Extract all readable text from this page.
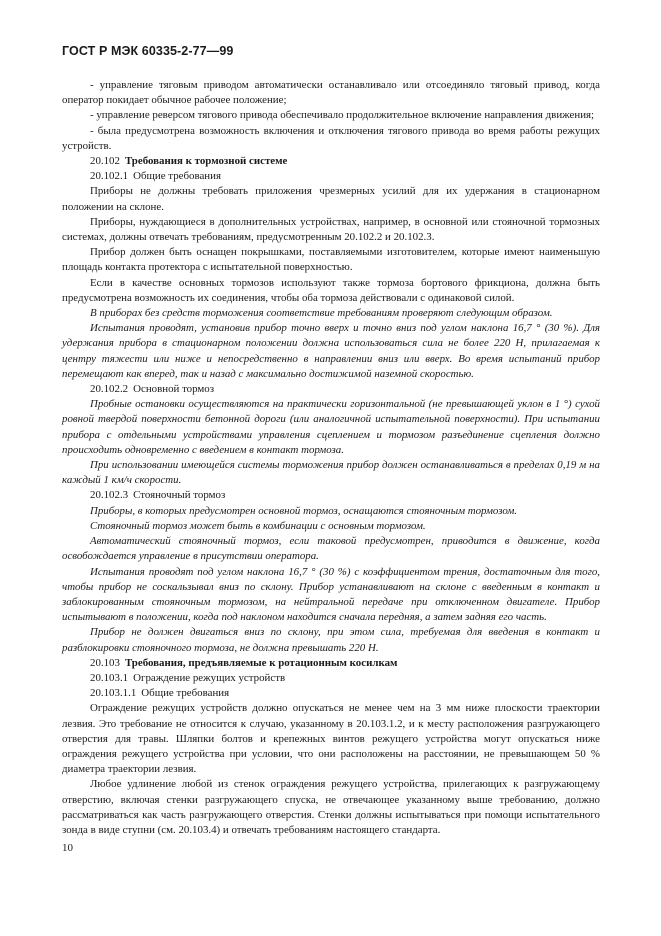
ГОСТ Р МЭК 60335-2-77—99

- управление тяговым приводом автоматически останавливало или отсоединяло тяговый привод, когда оператор покидает обычное рабочее положение;

- управление реверсом тягового привода обеспечивало продолжительное включение направления движения;

- была предусмотрена возможность включения и отключения тягового привода во время работы режущих устройств.

20.102 Требования к тормозной системе

20.102.1 Общие требования

Приборы не должны требовать приложения чрезмерных усилий для их удержания в стационарном положении на склоне.

Приборы, нуждающиеся в дополнительных устройствах, например, в основной или стояночной тормозных системах, должны отвечать требованиям, предусмотренным 20.102.2 и 20.102.3.

Прибор должен быть оснащен покрышками, поставляемыми изготовителем, которые имеют наименьшую площадь контакта протектора с испытательной поверхностью.

Если в качестве основных тормозов используют также тормоза бортового фрикциона, должна быть предусмотрена возможность их соединения, чтобы оба тормоза действовали с одинаковой силой.

В приборах без средств торможения соответствие требованиям проверяют следующим образом.

Испытания проводят, установив прибор точно вверх и точно вниз под углом наклона 16,7 ° (30 %). Для удержания прибора в стационарном положении должна использоваться сила не более 220 Н, прилагаемая к центру тяжести или ниже и непосредственно в направлении вниз или вверх. Во время испытаний прибор перемещают как вперед, так и назад с максимально достижимой наземной скоростью.

20.102.2 Основной тормоз

Пробные остановки осуществляются на практически горизонтальной (не превышающей уклон в 1 °) сухой ровной твердой поверхности бетонной дороги (или аналогичной испытательной поверхности). При испытании прибора с отдельными устройствами управления сцеплением и тормозом разъединение сцепления должно происходить одновременно с введением в контакт тормоза.

При использовании имеющейся системы торможения прибор должен останавливаться в пределах 0,19 м на каждый 1 км/ч скорости.

20.102.3 Стояночный тормоз

Приборы, в которых предусмотрен основной тормоз, оснащаются стояночным тормозом.

Стояночный тормоз может быть в комбинации с основным тормозом.

Автоматический стояночный тормоз, если таковой предусмотрен, приводится в движение, когда освобождается управление в присутствии оператора.

Испытания проводят под углом наклона 16,7 ° (30 %) с коэффициентом трения, достаточным для того, чтобы прибор не соскальзывал вниз по склону. Прибор устанавливают на склоне с введенным в контакт и заблокированным стояночным тормозом, на нейтральной передаче при отключенном двигателе. Прибор испытывают в положении, когда под наклоном находится сначала передняя, а затем задняя его часть.

Прибор не должен двигаться вниз по склону, при этом сила, требуемая для введения в контакт и разблокировки стояночного тормоза, не должна превышать 220 Н.

20.103 Требования, предъявляемые к ротационным косилкам

20.103.1 Ограждение режущих устройств

20.103.1.1 Общие требования

Ограждение режущих устройств должно опускаться не менее чем на 3 мм ниже плоскости траектории лезвия. Это требование не относится к случаю, указанному в 20.103.1.2, и к месту расположения разгружающего отверстия для травы. Шляпки болтов и крепежных винтов режущего устройства могут опускаться ниже ограждения режущего устройства при условии, что они расположены на расстоянии, не превышающем 50 % диаметра траектории лезвия.

Любое удлинение любой из стенок ограждения режущего устройства, прилегающих к разгружающему отверстию, включая стенки разгружающего спуска, не отвечающее указанному выше требованию, должно рассматриваться как часть разгружающего отверстия. Стенки должны испытываться при помощи испытательного зонда в виде ступни (см. 20.103.4) и отвечать требованиям настоящего стандарта.

10
